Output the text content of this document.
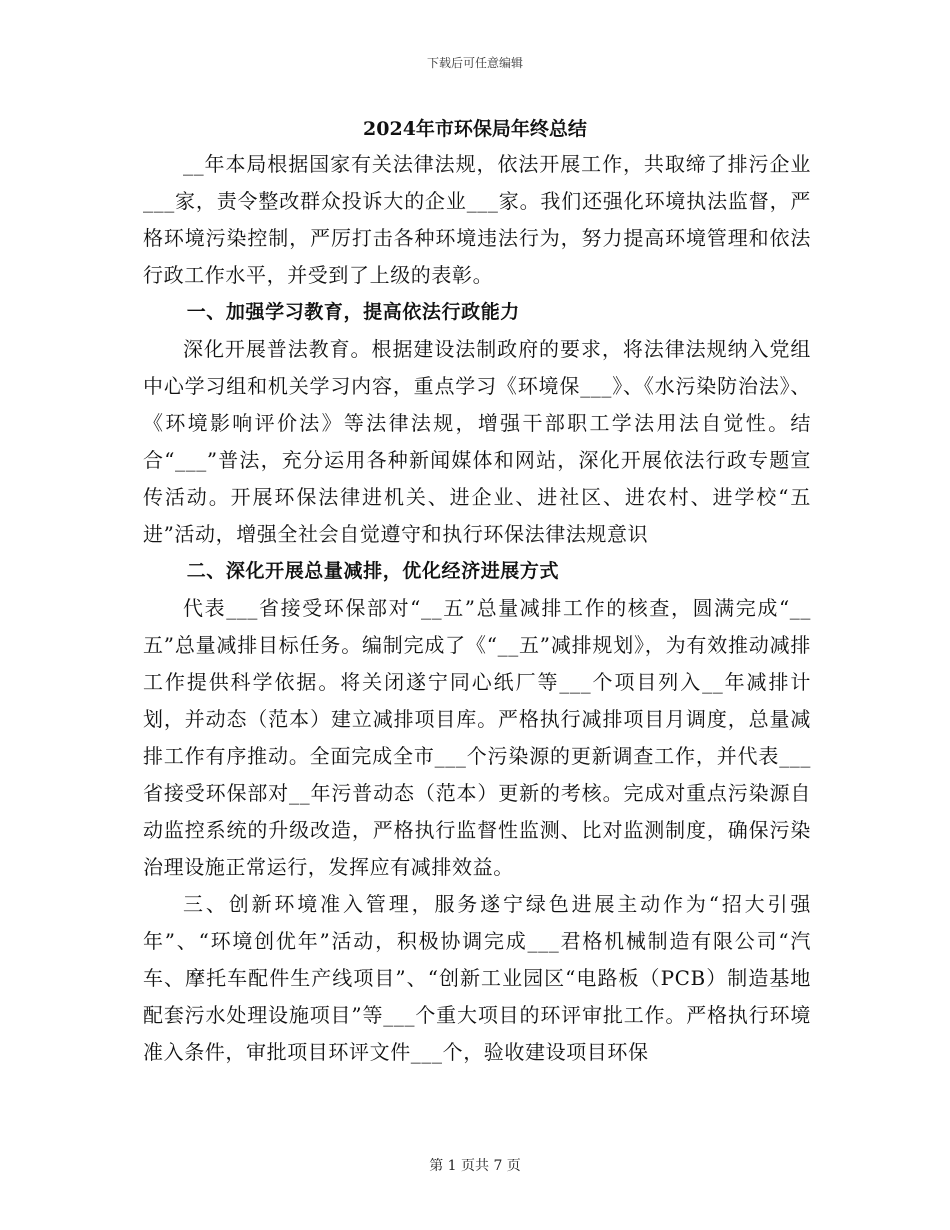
下载后可任意编辑
2024年市环保局年终总结

__年本局根据国家有关法律法规，依法开展工作，共取缔了排污企业___家，责令整改群众投诉大的企业___家。我们还强化环境执法监督，严格环境污染控制，严厉打击各种环境违法行为，努力提高环境管理和依法行政工作水平，并受到了上级的表彰。

一、加强学习教育，提高依法行政能力

深化开展普法教育。根据建设法制政府的要求，将法律法规纳入党组中心学习组和机关学习内容，重点学习《环境保___》、《水污染防治法》、《环境影响评价法》等法律法规，增强干部职工学法用法自觉性。结合“___”普法，充分运用各种新闻媒体和网站，深化开展依法行政专题宣传活动。开展环保法律进机关、进企业、进社区、进农村、进学校“五进”活动，增强全社会自觉遵守和执行环保法律法规意识

二、深化开展总量减排，优化经济进展方式

代表___省接受环保部对“__五”总量减排工作的核查，圆满完成“__五”总量减排目标任务。编制完成了《“__五”减排规划》，为有效推动减排工作提供科学依据。将关闭遂宁同心纸厂等___个项目列入__年减排计划，并动态（范本）建立减排项目库。严格执行减排项目月调度，总量减排工作有序推动。全面完成全市___个污染源的更新调查工作，并代表___省接受环保部对__年污普动态（范本）更新的考核。完成对重点污染源自动监控系统的升级改造，严格执行监督性监测、比对监测制度，确保污染治理设施正常运行，发挥应有减排效益。

三、创新环境准入管理，服务遂宁绿色进展主动作为“招大引强年”、“环境创优年”活动，积极协调完成___君格机械制造有限公司“汽车、摩托车配件生产线项目”、“创新工业园区“电路板（PCB）制造基地配套污水处理设施项目”等___个重大项目的环评审批工作。严格执行环境准入条件，审批项目环评文件___个，验收建设项目环保

第 1 页共 7 页
